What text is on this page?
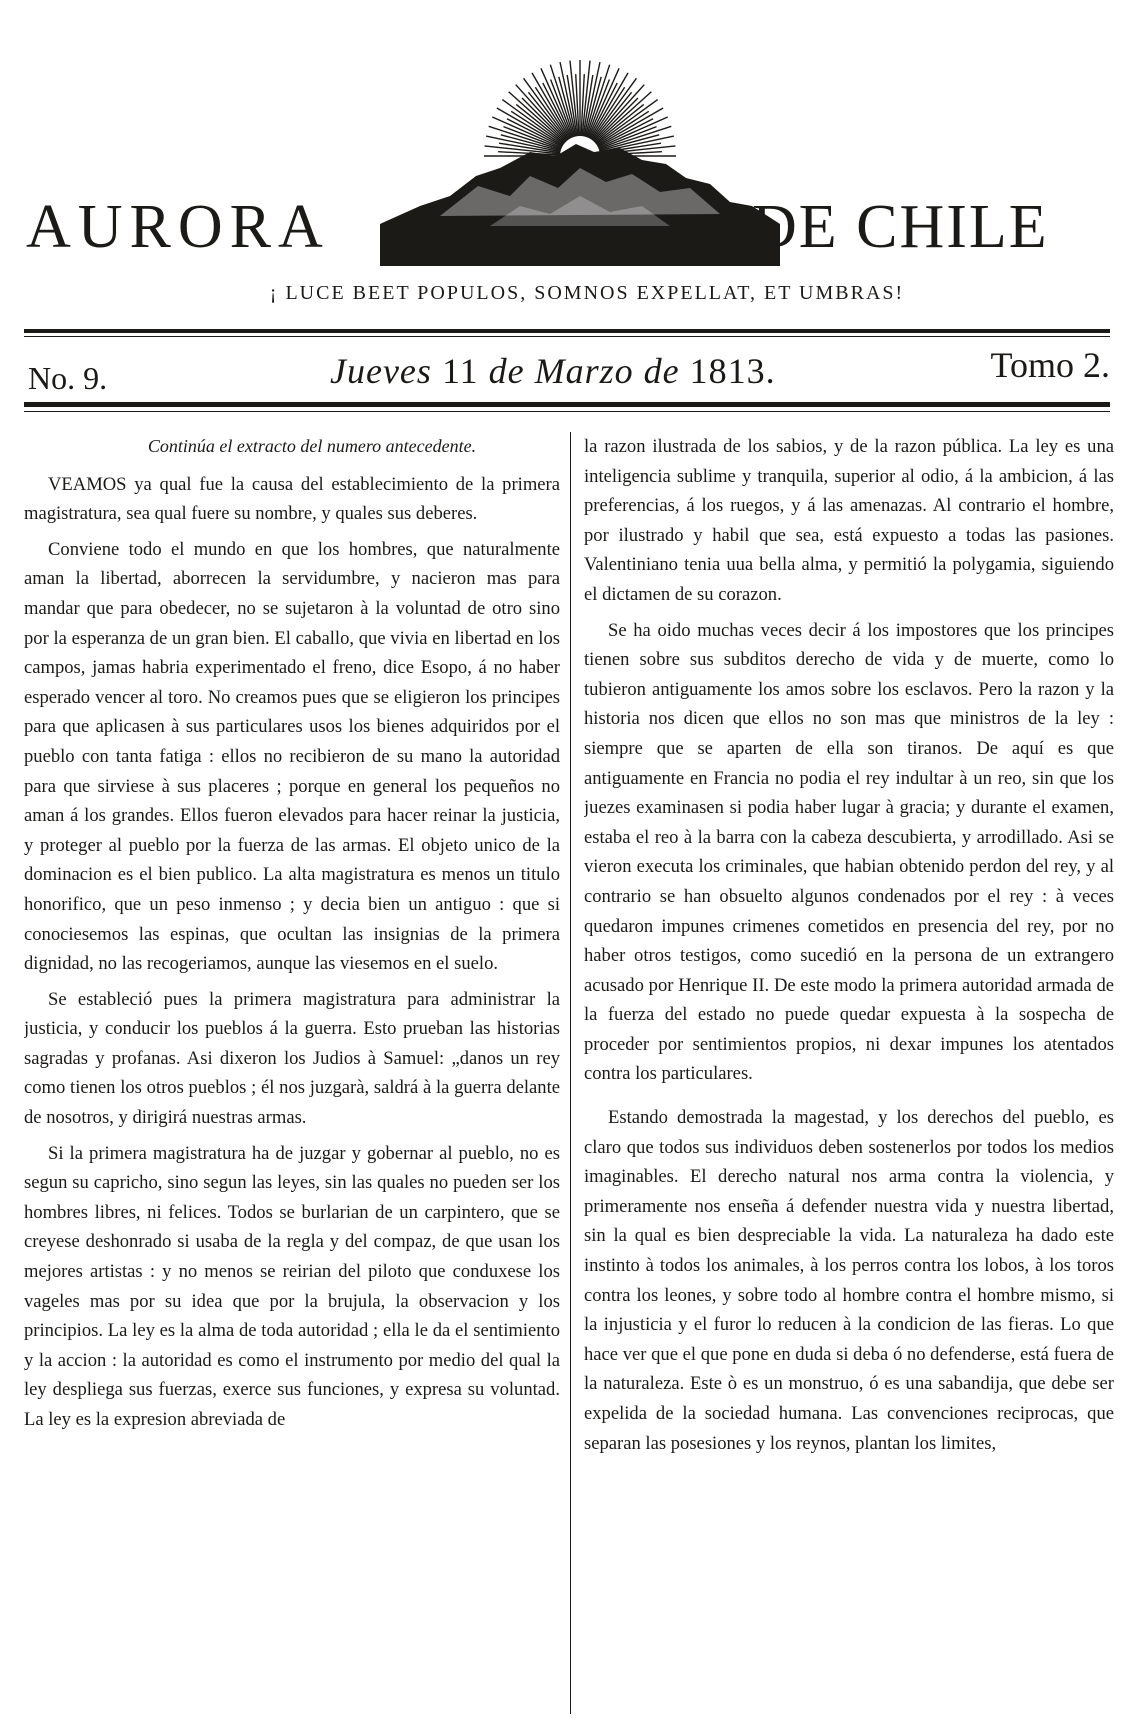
AURORA	DE CHILE
¡ LUCE BEET POPULOS, SOMNOS EXPELLAT, ET UMBRAS!
No. 9.	Jueves 11 de Marzo de 1813.	Tomo 2.

Continúa el extracto del numero antecedente.

VEAMOS ya qual fue la causa del establecimiento de la primera magistratura, sea qual fuere su nombre, y quales sus deberes.

Conviene todo el mundo en que los hombres, que naturalmente aman la libertad, aborrecen la servidumbre, y nacieron mas para mandar que para obedecer, no se sujetaron à la voluntad de otro sino por la esperanza de un gran bien. El caballo, que vivia en libertad en los campos, jamas habria experimentado el freno, dice Esopo, á no haber esperado vencer al toro. No creamos pues que se eligieron los principes para que aplicasen à sus particulares usos los bienes adquiridos por el pueblo con tanta fatiga : ellos no recibieron de su mano la autoridad para que sirviese à sus placeres ; porque en general los pequeños no aman á los grandes. Ellos fueron elevados para hacer reinar la justicia, y proteger al pueblo por la fuerza de las armas. El objeto unico de la dominacion es el bien publico. La alta magistratura es menos un titulo honorifico, que un peso inmenso ; y decia bien un antiguo : que si conociesemos las espinas, que ocultan las insignias de la primera dignidad, no las recogeriamos, aunque las viesemos en el suelo.

Se estableció pues la primera magistratura para administrar la justicia, y conducir los pueblos á la guerra. Esto prueban las historias sagradas y profanas. Asi dixeron los Judios à Samuel: „danos un rey como tienen los otros pueblos ; él nos juzgarà, saldrá à la guerra delante de nosotros, y dirigirá nuestras armas.

Si la primera magistratura ha de juzgar y gobernar al pueblo, no es segun su capricho, sino segun las leyes, sin las quales no pueden ser los hombres libres, ni felices. Todos se burlarian de un carpintero, que se creyese deshonrado si usaba de la regla y del compaz, de que usan los mejores artistas : y no menos se reirian del piloto que conduxese los vageles mas por su idea que por la brujula, la observacion y los principios. La ley es la alma de toda autoridad ; ella le da el sentimiento y la accion : la autoridad es como el instrumento por medio del qual la ley despliega sus fuerzas, exerce sus funciones, y expresa su voluntad. La ley es la expresion abreviada de

la razon ilustrada de los sabios, y de la razon pública. La ley es una inteligencia sublime y tranquila, superior al odio, á la ambicion, á las preferencias, á los ruegos, y á las amenazas. Al contrario el hombre, por ilustrado y habil que sea, está expuesto a todas las pasiones. Valentiniano tenia uua bella alma, y permitió la polygamia, siguiendo el dictamen de su corazon.

Se ha oido muchas veces decir á los impostores que los principes tienen sobre sus subditos derecho de vida y de muerte, como lo tubieron antiguamente los amos sobre los esclavos. Pero la razon y la historia nos dicen que ellos no son mas que ministros de la ley : siempre que se aparten de ella son tiranos. De aquí es que antiguamente en Francia no podia el rey indultar à un reo, sin que los juezes examinasen si podia haber lugar à gracia; y durante el examen, estaba el reo à la barra con la cabeza descubierta, y arrodillado. Asi se vieron executa los criminales, que habian obtenido perdon del rey, y al contrario se han obsuelto algunos condenados por el rey : à veces quedaron impunes crimenes cometidos en presencia del rey, por no haber otros testigos, como sucedió en la persona de un extrangero acusado por Henrique II. De este modo la primera autoridad armada de la fuerza del estado no puede quedar expuesta à la sospecha de proceder por sentimientos propios, ni dexar impunes los atentados contra los particulares.

Estando demostrada la magestad, y los derechos del pueblo, es claro que todos sus individuos deben sostenerlos por todos los medios imaginables. El derecho natural nos arma contra la violencia, y primeramente nos enseña á defender nuestra vida y nuestra libertad, sin la qual es bien despreciable la vida. La naturaleza ha dado este instinto à todos los animales, à los perros contra los lobos, à los toros contra los leones, y sobre todo al hombre contra el hombre mismo, si la injusticia y el furor lo reducen à la condicion de las fieras. Lo que hace ver que el que pone en duda si deba ó no defenderse, está fuera de la naturaleza. Este ò es un monstruo, ó es una sabandija, que debe ser expelida de la sociedad humana. Las convenciones reciprocas, que separan las posesiones y los reynos, plantan los limites,
